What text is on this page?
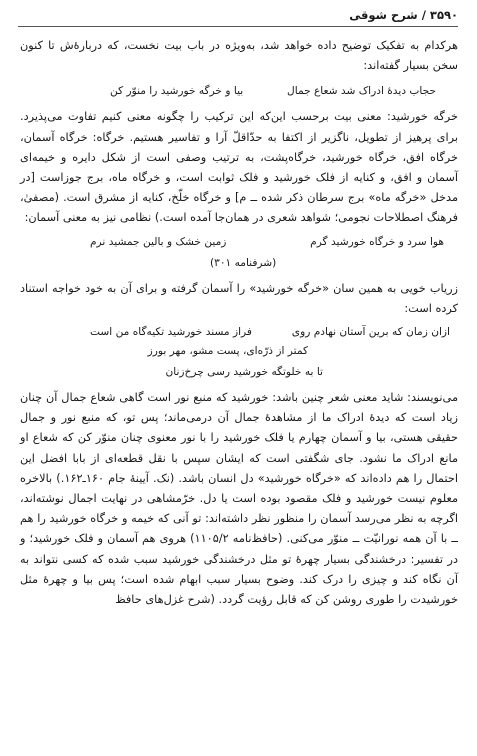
۳۵۹۰ / شرح شوقی

هرکدام به تفکیک توضیح داده خواهد شد، به‌ویژه در باب بیت نخست، که دربارهٔ‌ش تا کنون سخن بسیار گفته‌اند:

حجاب دیدهٔ ادراک شد شعاع جمال
بیا و خرگه خورشید را منوّر کن

خرگه خورشید: معنی بیت برحسب این‌که این ترکیب را چگونه معنی کنیم تفاوت می‌پذیرد. برای پرهیز از تطویل، ناگزیر از اکتفا به حدّاقلّ آرا و تفاسیر هستیم. خرگاه: خرگاه آسمان، خرگاه افق، خرگاه خورشید، خرگاه‌پشت، به ترتیب وصفی است از شکل دایره و خیمه‌ای آسمان و افق، و کنایه از فلک خورشید و فلک ثوابت است، و خرگاه ماه، برج جوزاست [در مدخل «خرگه ماه» برج سرطان ذکر شده ــ م] و خرگاه خلّخ، کنایه از مشرق است. (مصفیٰ، فرهنگ اصطلاحات نجومی؛ شواهد شعری در همان‌جا آمده است.) نظامی نیز به معنی آسمان:

هوا سرد و خرگاه خورشید گرم
زمین خشک و بالین جمشید نرم
(شرفنامه ۳۰۱)

زریاب خویی به همین سان «خرگه خورشید» را آسمان گرفته و برای آن به خود خواجه استناد کرده است:

ازان زمان که بر‌ین آستان نهادم روی
فراز مسند خورشید تکیه‌گاه من است
کمتر از ذرّه‌ای، پست مشو، مهر بورز
تا به خلوتگه خورشید رسی چرخ‌زنان

می‌نویسند: شاید معنی شعر چنین باشد: خورشید که منبع نور است گاهی شعاع جمال آن چنان زیاد است که دیدهٔ ادراک ما از مشاهدهٔ جمال آن درمی‌ماند؛ پس تو، که منبع نور و جمال حقیقی هستی، بیا و آسمان چهارم یا فلک خورشید را با نور معنوی چنان منوّر کن که شعاع او مانع ادراک ما نشود. جای شگفتی است که ایشان سپس با نقل قطعه‌ای از بابا افضل این احتمال را هم داده‌اند که «خرگاه خورشید» دل انسان باشد. (نک. آیینهٔ جام ۱۶۰ـ۱۶۲.) بالاخره معلوم نیست خورشید و فلک مقصود بوده است یا دل. خرّمشاهی در نهایت اجمال نوشته‌اند، اگرچه به نظر می‌رسد آسمان را منظور نظر داشته‌اند: تو آنی که خیمه و خرگاه خورشید را هم ــ با آن همه نورانیّت ــ منوّر می‌کنی. (حافظ‌نامه ۱۱۰۵/۲) هروی هم آسمان و فلک خورشید؛ و در تفسیر: درخشندگی بسیار چهرهٔ تو مثل درخشندگی خورشید سبب شده که کسی نتواند به آن نگاه کند و چیزی را درک کند. وضوح بسیار سبب ابهام شده است؛ پس بیا و چهرهٔ مثل خورشیدت را طوری روشن کن که قابل رؤیت گردد. (شرح غزل‌های حافظ
